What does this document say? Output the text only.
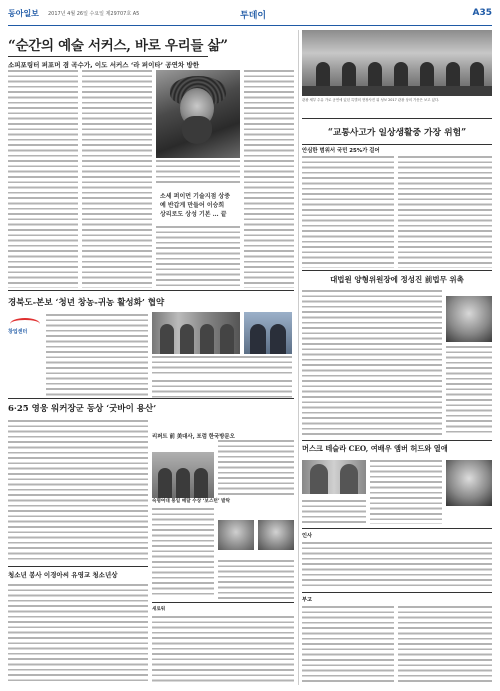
동아일보 2017년 4월 26일 수요일 제29707호 A5	투데이	A35
“순간의 예술 서커스, 바로 우리들 삶”
소피포링터 퍼포머 겸 곡수가, 이도 서커스 ‘라 퍼이타’ 공연차 방한
소세 퍼이먼 기술지점 상중
예 반갑게 만들어 이승희
상리로도 상성 기본 … 끝
경북도-본보 ‘청년 창농-귀농 활성화’ 협약
창업센터
6·25 영웅 워커장군 동상 ‘굿바이 용산’
리퍼트 前 美대사, 포럼 한국방문오
숙명여대 통일 메달 수상 ‘보스턴’ 발탁
청소년 봉사 이경아씨 유영교 청소년상
새로워
관광 세부 수유 가로 공연에 있던 특별의 현장사진 위 성보 2017 관광 상의 가문은 보고 있다.
“교통사고가 일상생활중 가장 위험”
안심한 범위서 국민 25%가 걸어
대법원 양형위원장에 정성진 前법무 위촉
머스크 테슬라 CEO, 여배우 앰버 허드와 열애
인사
부고
